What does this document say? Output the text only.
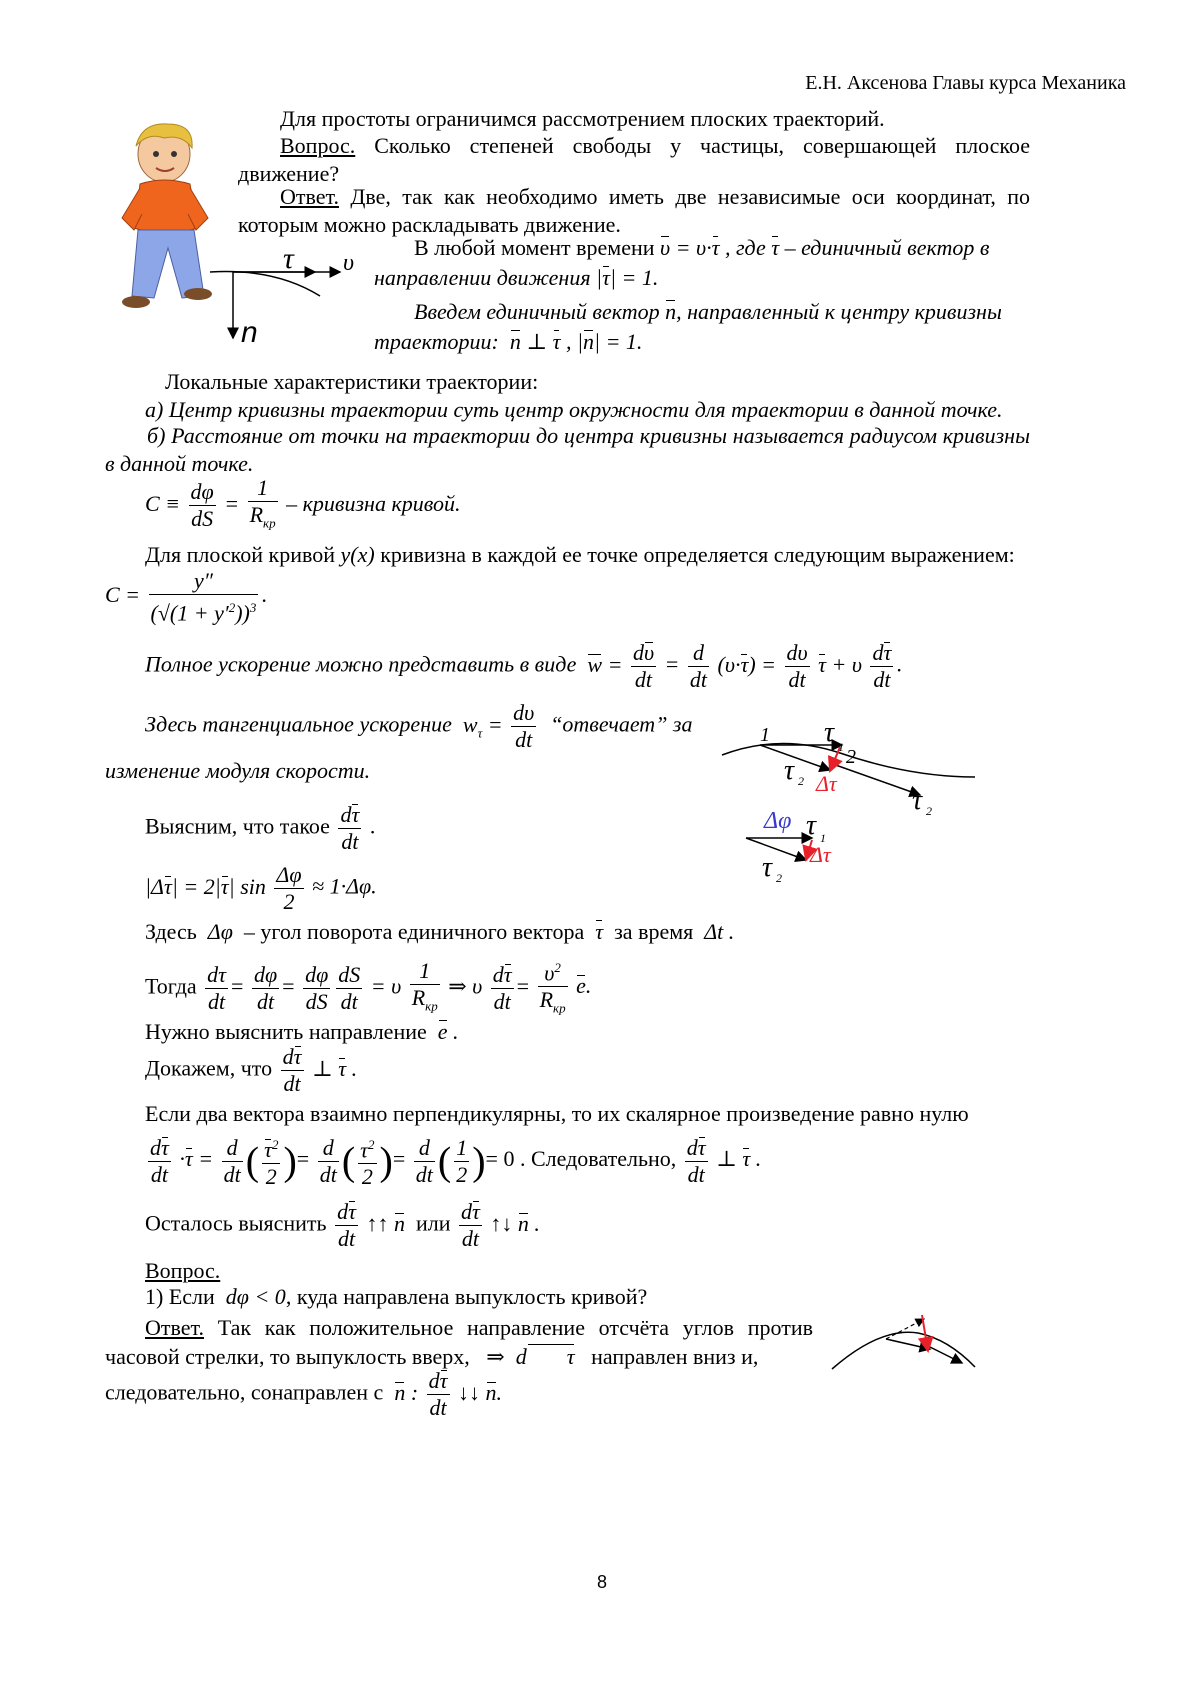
Е.Н. Аксенова Главы курса Механика
τ υ
n
Для простоты ограничимся рассмотрением плоских траекторий.
Вопрос. Сколько степеней свободы у частицы, совершающей плоское движение?
Ответ. Две, так как необходимо иметь две независимые оси координат, по которым можно раскладывать движение.
В любой момент времени υ = υ·τ , где τ – единичный вектор в
направлении движения |τ| = 1.
Введем единичный вектор n, направленный к центру кривизны
траектории: n ⊥ τ , |n| = 1.
Локальные характеристики траектории:
а) Центр кривизны траектории суть центр окружности для траектории в данной точке.
б) Расстояние от точки на траектории до центра кривизны называется радиусом кривизны в данной точке.
$C \equiv \frac{d\varphi}{dS} = \frac{1}{R_{кр}}$ – кривизна кривой.
Для плоской кривой y(x) кривизна в каждой ее точке определяется следующим выражением:
$C = \frac{y''}{(√(1 + y'^2))^3}$ .
Полное ускорение можно представить в виде $w = \frac{d\upsilon}{dt} = \frac{d}{dt} (\upsilon\cdot\tau) = \frac{d\upsilon}{dt}$ τ + υ $\frac{d\tau}{dt}$ .
Здесь тангенциальное ускорение  $w_\tau = \frac{d\upsilon}{dt}$ “отвечает” за
изменение модуля скорости.
1
2
τ 1
τ 2 Δτ
τ 2
Δφ τ 1
Δτ
τ 2
Выясним, что такое $\frac{d\tau}{dt}$ .
|Δτ| = 2|τ| $\sin \frac{\Delta\varphi}{2} \approx 1\cdot\Delta\varphi$.
Здесь  Δφ  – угол поворота единичного вектора τ за время  Δt .
Тогда $\frac{d\tau}{dt} = \frac{d\varphi}{dt} = \frac{d\varphi}{dS} \frac{dS}{dt} = \upsilon \frac{1}{R_{кр}}$ ⇒ υ $\frac{d\tau}{dt} = \frac{\upsilon^2}{R_{кр}} e$.
Нужно выяснить направление e .
Докажем, что $\frac{d\tau}{dt}$ ⊥ τ .
Если два вектора взаимно перпендикулярны, то их скалярное произведение равно нулю
$\frac{d\tau}{dt} \cdot\tau = \frac{d}{dt}$ ( $\frac{\tau^2}{2}$ )= $\frac{d}{dt}$ ( $\frac{\tau^2}{2}$ )= $\frac{d}{dt}$ ( $\frac{1}{2}$ )= 0 . Следовательно, $\frac{d\tau}{dt}$ ⊥ τ .
Осталось выяснить $\frac{d\tau}{dt}$ ↑↑ n или $\frac{d\tau}{dt}$ ↑↓ n .
Вопрос.
1) Если  dφ < 0, куда направлена выпуклость кривой?
Ответ. Так как положительное направление отсчёта углов против часовой стрелки, то выпуклость вверх,   ⇒  d τ направлен вниз и,
следовательно, сонаправлен с n : $\frac{d\tau}{dt}$ ↓↓ n.
8
